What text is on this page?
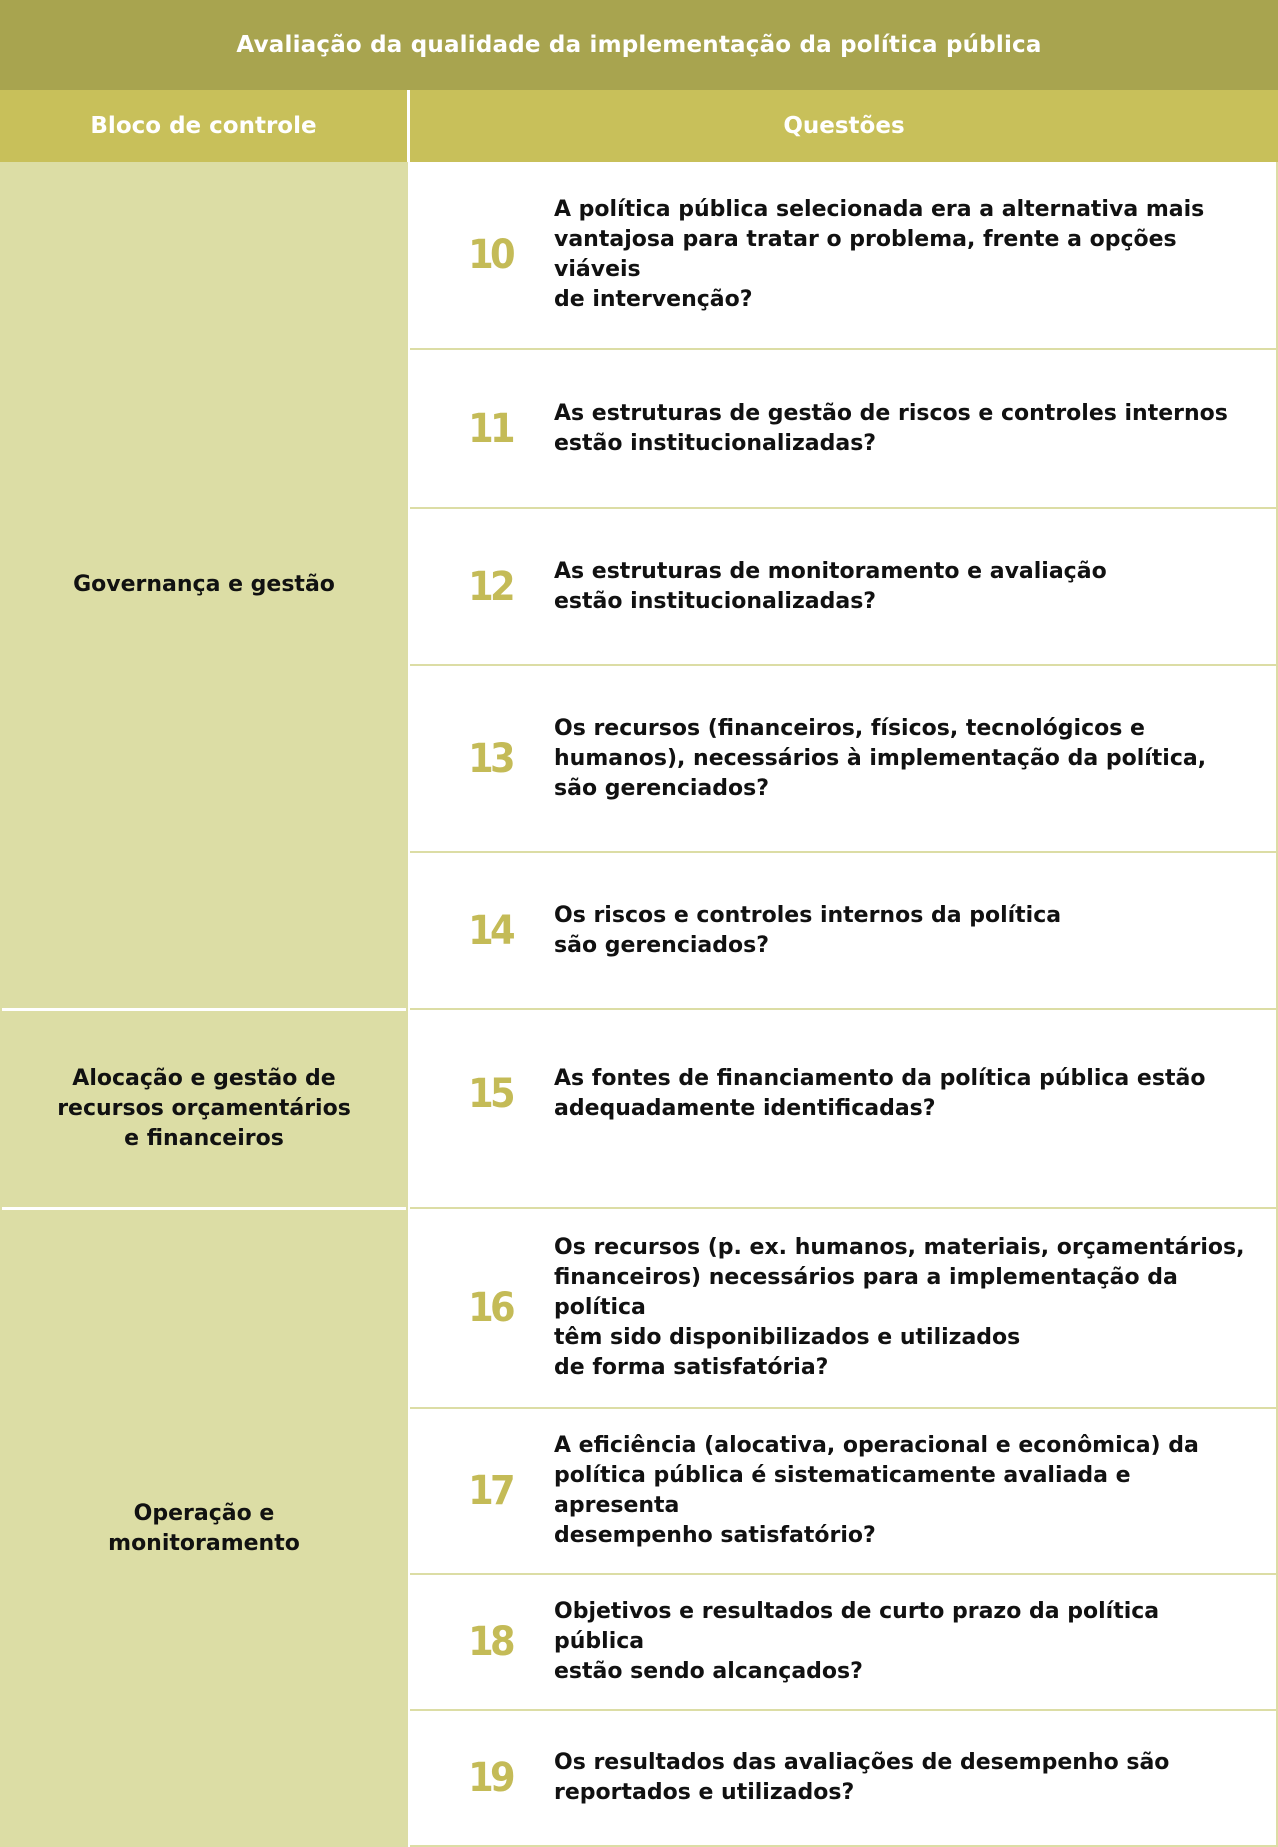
Avaliação da qualidade da implementação da política pública
Bloco de controle	Questões
Governança e gestão
Alocação e gestão de
recursos orçamentários
e financeiros
Operação e
monitoramento
10
A política pública selecionada era a alternativa mais
vantajosa para tratar o problema, frente a opções viáveis
de intervenção?
11 As estruturas de gestão de riscos e controles internos
estão institucionalizadas?
12 As estruturas de monitoramento e avaliação
estão institucionalizadas?
13
Os recursos (financeiros, físicos, tecnológicos e
humanos), necessários à implementação da política,
são gerenciados?
14 Os riscos e controles internos da política
são gerenciados?
15 As fontes de financiamento da política pública estão
adequadamente identificadas?
16
Os recursos (p. ex. humanos, materiais, orçamentários,
financeiros) necessários para a implementação da política
têm sido disponibilizados e utilizados
de forma satisfatória?
17
A eficiência (alocativa, operacional e econômica) da
política pública é sistematicamente avaliada e apresenta
desempenho satisfatório?
18
Objetivos e resultados de curto prazo da política pública
estão sendo alcançados?
19 Os resultados das avaliações de desempenho são
reportados e utilizados?
